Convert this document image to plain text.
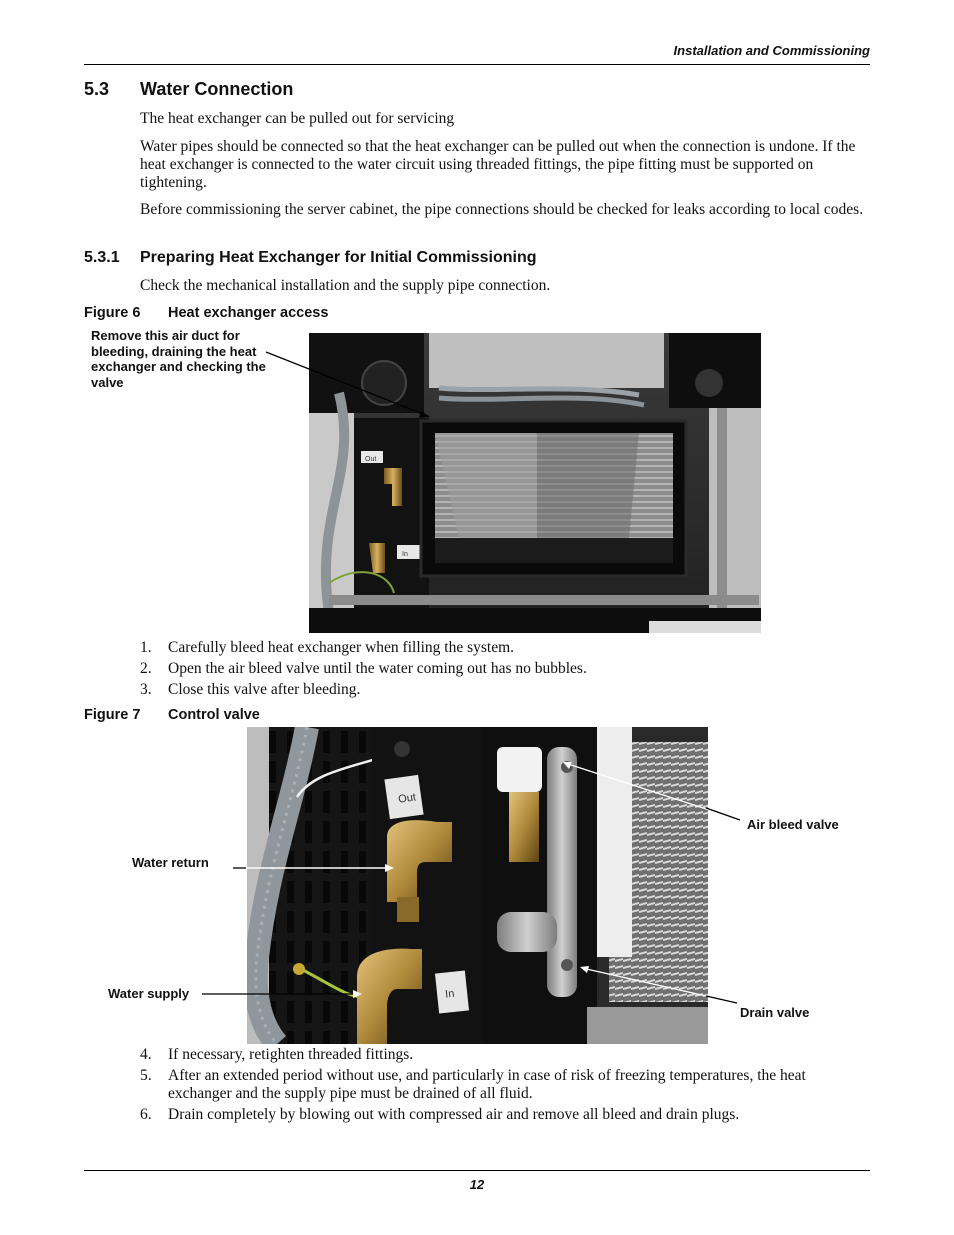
Installation and Commissioning
5.3 Water Connection
The heat exchanger can be pulled out for servicing
Water pipes should be connected so that the heat exchanger can be pulled out when the connection is undone. If the heat exchanger is connected to the water circuit using threaded fittings, the pipe fitting must be supported on tightening.
Before commissioning the server cabinet, the pipe connections should be checked for leaks according to local codes.
5.3.1 Preparing Heat Exchanger for Initial Commissioning
Check the mechanical installation and the supply pipe connection.
Figure 6 Heat exchanger access
Remove this air duct for bleeding, draining the heat exchanger and checking the valve
Out
In
1. Carefully bleed heat exchanger when filling the system.
2. Open the air bleed valve until the water coming out has no bubbles.
3. Close this valve after bleeding.
Figure 7 Control valve
Out
In
Water return
Water supply
Air bleed valve
Drain valve
4. If necessary, retighten threaded fittings.
5. After an extended period without use, and particularly in case of risk of freezing temperatures, the heat exchanger and the supply pipe must be drained of all fluid.
6. Drain completely by blowing out with compressed air and remove all bleed and drain plugs.
12
